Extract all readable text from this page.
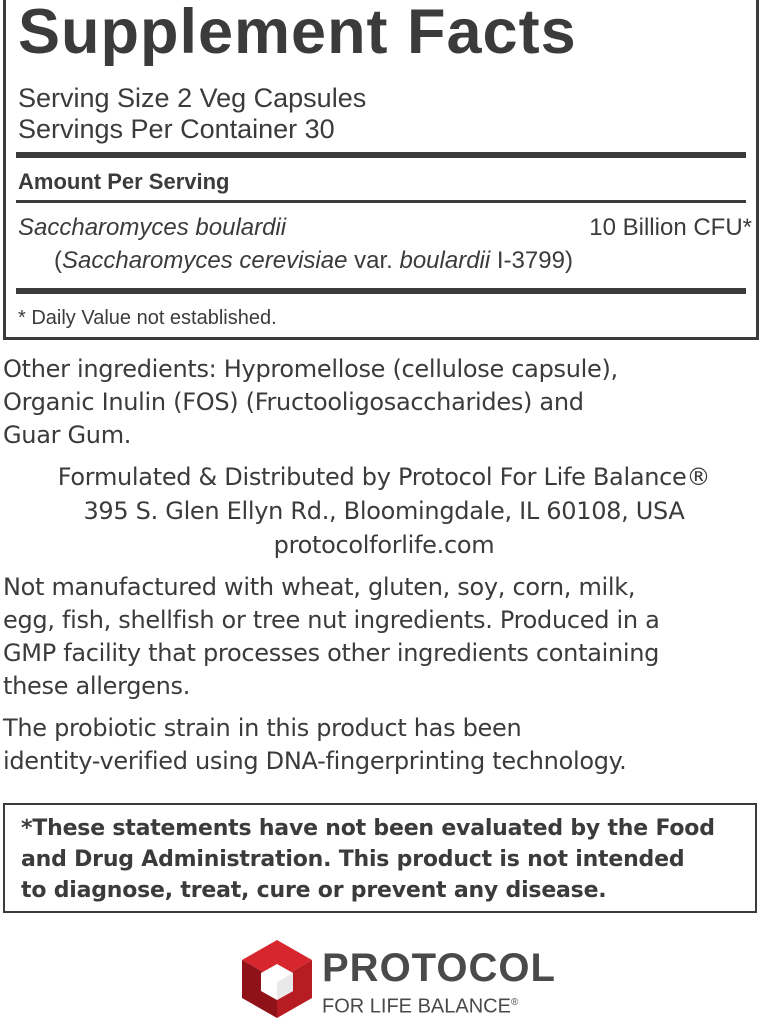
Supplement Facts
Serving Size 2 Veg Capsules
Servings Per Container 30
Amount Per Serving
Saccharomyces boulardii	10 Billion CFU*
(Saccharomyces cerevisiae var. boulardii I-3799)
* Daily Value not established.
Other ingredients: Hypromellose (cellulose capsule),
Organic Inulin (FOS) (Fructooligosaccharides) and
Guar Gum.
Formulated & Distributed by Protocol For Life Balance®
395 S. Glen Ellyn Rd., Bloomingdale, IL 60108, USA
protocolforlife.com
Not manufactured with wheat, gluten, soy, corn, milk,
egg, fish, shellfish or tree nut ingredients. Produced in a
GMP facility that processes other ingredients containing
these allergens.
The probiotic strain in this product has been
identity-verified using DNA-fingerprinting technology.
*These statements have not been evaluated by the Food
and Drug Administration. This product is not intended
to diagnose, treat, cure or prevent any disease.
PROTOCOL
FOR LIFE BALANCE®
